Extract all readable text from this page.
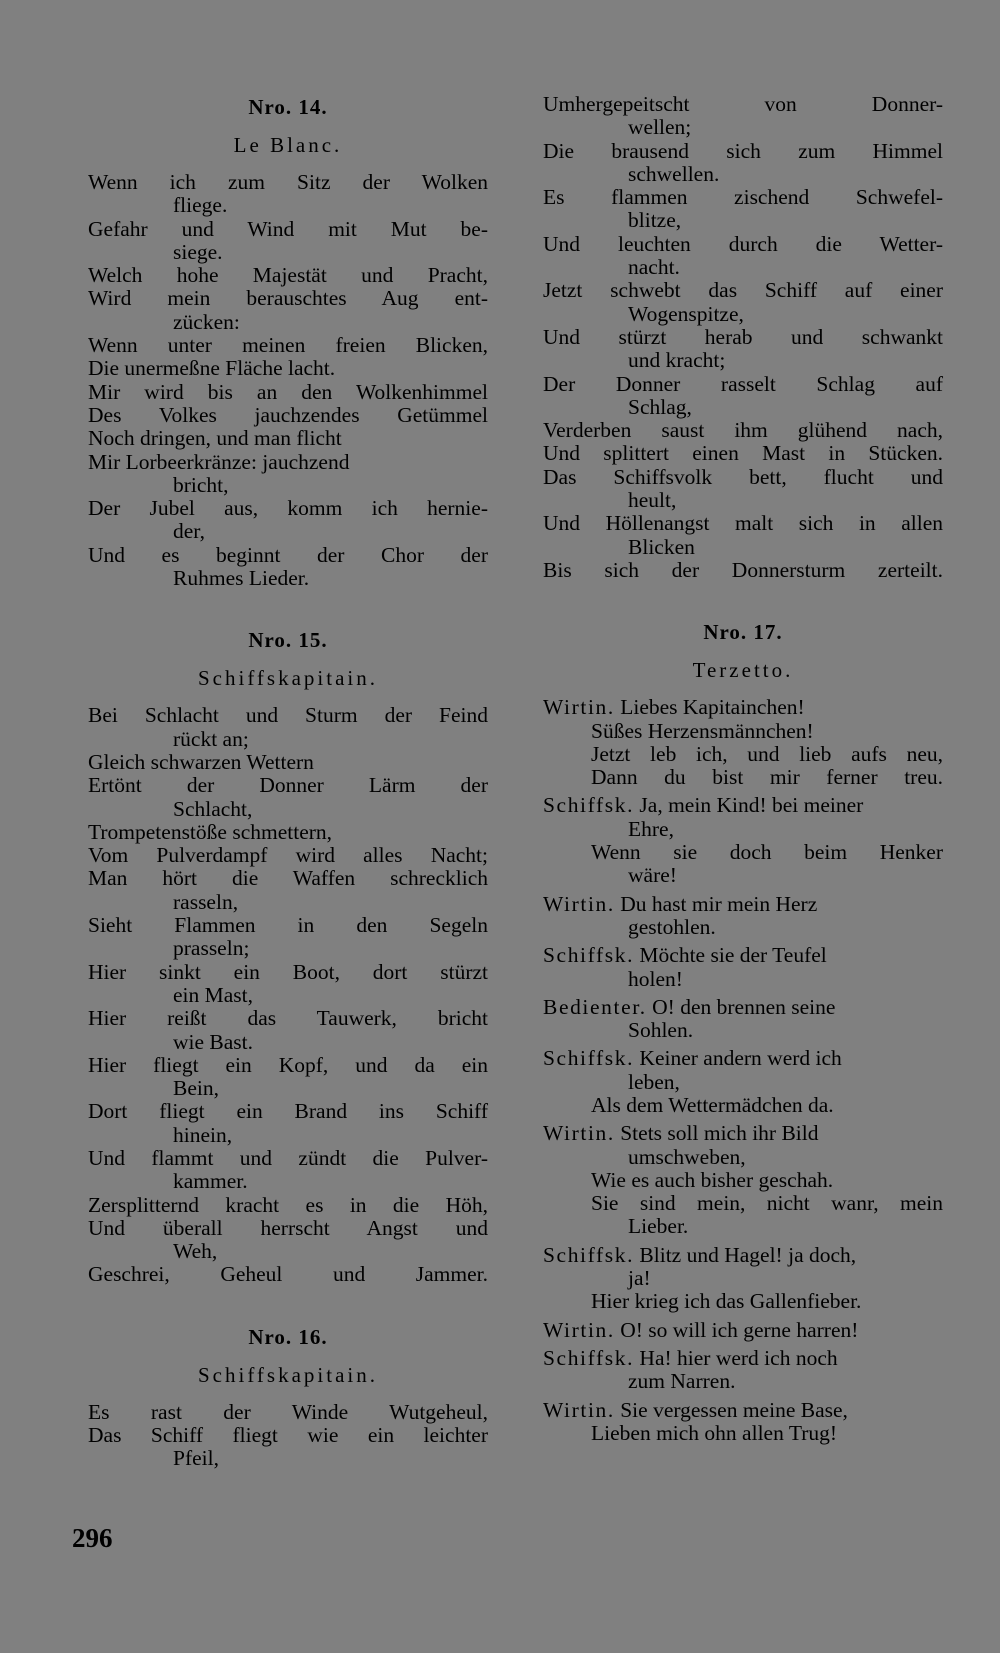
Nro. 14.
Le Blanc.
Wenn ich zum Sitz der Wolken
fliege.
Gefahr und Wind mit Mut be-
siege.
Welch hohe Majestät und Pracht,
Wird mein berauschtes Aug ent-
zücken:
Wenn unter meinen freien Blicken,
Die unermeßne Fläche lacht.
Mir wird bis an den Wolkenhimmel
Des Volkes jauchzendes Getümmel
Noch dringen, und man flicht
Mir Lorbeerkränze: jauchzend
bricht,
Der Jubel aus, komm ich hernie-
der,
Und es beginnt der Chor der
Ruhmes Lieder.
Nro. 15.
Schiffskapitain.
Bei Schlacht und Sturm der Feind
rückt an;
Gleich schwarzen Wettern
Ertönt der Donner Lärm der
Schlacht,
Trompetenstöße schmettern,
Vom Pulverdampf wird alles Nacht;
Man hört die Waffen schrecklich
rasseln,
Sieht Flammen in den Segeln
prasseln;
Hier sinkt ein Boot, dort stürzt
ein Mast,
Hier reißt das Tauwerk, bricht
wie Bast.
Hier fliegt ein Kopf, und da ein
Bein,
Dort fliegt ein Brand ins Schiff
hinein,
Und flammt und zündt die Pulver-
kammer.
Zersplitternd kracht es in die Höh,
Und überall herrscht Angst und
Weh,
Geschrei, Geheul und Jammer.
Nro. 16.
Schiffskapitain.
Es rast der Winde Wutgeheul,
Das Schiff fliegt wie ein leichter
Pfeil,
Umhergepeitscht von Donner-
wellen;
Die brausend sich zum Himmel
schwellen.
Es flammen zischend Schwefel-
blitze,
Und leuchten durch die Wetter-
nacht.
Jetzt schwebt das Schiff auf einer
Wogenspitze,
Und stürzt herab und schwankt
und kracht;
Der Donner rasselt Schlag auf
Schlag,
Verderben saust ihm glühend nach,
Und splittert einen Mast in Stücken.
Das Schiffsvolk bett, flucht und
heult,
Und Höllenangst malt sich in allen
Blicken
Bis sich der Donnersturm zerteilt.
Nro. 17.
Terzetto.
Wirtin. Liebes Kapitainchen!
Süßes Herzensmännchen!
Jetzt leb ich, und lieb aufs neu,
Dann du bist mir ferner treu.
Schiffsk. Ja, mein Kind! bei meiner
Ehre,
Wenn sie doch beim Henker
wäre!
Wirtin. Du hast mir mein Herz
gestohlen.
Schiffsk. Möchte sie der Teufel
holen!
Bedienter. O! den brennen seine
Sohlen.
Schiffsk. Keiner andern werd ich
leben,
Als dem Wettermädchen da.
Wirtin. Stets soll mich ihr Bild
umschweben,
Wie es auch bisher geschah.
Sie sind mein, nicht wanr, mein
Lieber.
Schiffsk. Blitz und Hagel! ja doch,
ja!
Hier krieg ich das Gallenfieber.
Wirtin. O! so will ich gerne harren!
Schiffsk. Ha! hier werd ich noch
zum Narren.
Wirtin. Sie vergessen meine Base,
Lieben mich ohn allen Trug!
296
